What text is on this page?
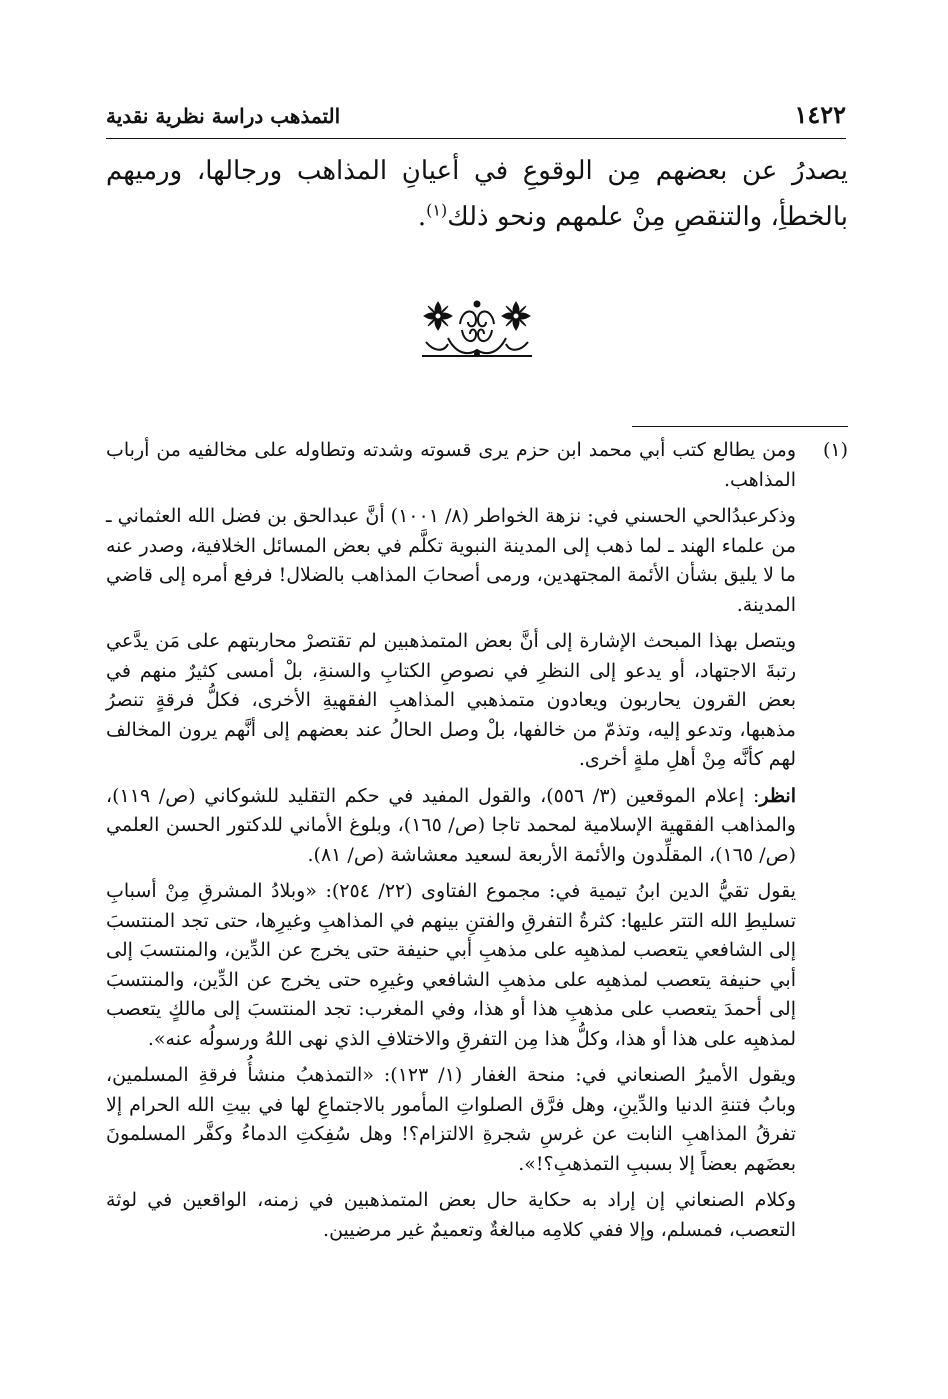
١٤٢٢
التمذهب دراسة نظرية نقدية
يصدرُ عن بعضهم مِن الوقوعِ في أعيانِ المذاهب ورجالها، ورميهم بالخطأِ، والتنقصِ مِنْ علمهم ونحو ذلك$^{(١)}$.
(١)

ومن يطالع كتب أبي محمد ابن حزم يرى قسوته وشدته وتطاوله على مخالفيه من أرباب المذاهب.

وذكرعبدُالحي الحسني في: نزهة الخواطر (٨/ ١٠٠١) أنَّ عبدالحق بن فضل الله العثماني ـ من علماء الهند ـ لما ذهب إلى المدينة النبوية تكلَّم في بعض المسائل الخلافية، وصدر عنه ما لا يليق بشأن الأئمة المجتهدين، ورمى أصحابَ المذاهب بالضلال! فرفع أمره إلى قاضي المدينة.

ويتصل بهذا المبحث الإشارة إلى أنَّ بعض المتمذهبين لم تقتصرْ محاربتهم على مَن يدَّعي رتبةَ الاجتهاد، أو يدعو إلى النظرِ في نصوصِ الكتابِ والسنةِ، بلْ أمسى كثيرٌ منهم في بعض القرون يحاربون ويعادون متمذهبي المذاهبِ الفقهيةِ الأخرى، فكلُّ فرقةٍ تنصرُ مذهبها، وتدعو إليه، وتذمّ من خالفها، بلْ وصل الحالُ عند بعضهم إلى أنَّهم يرون المخالف لهم كأنَّه مِنْ أهلِ ملةٍ أخرى.

انظر: إعلام الموقعين (٣/ ٥٥٦)، والقول المفيد في حكم التقليد للشوكاني (ص/ ١١٩)، والمذاهب الفقهية الإسلامية لمحمد تاجا (ص/ ١٦٥)، وبلوغ الأماني للدكتور الحسن العلمي (ص/ ١٦٥)، المقلِّدون والأئمة الأربعة لسعيد معشاشة (ص/ ٨١).

يقول تقيُّ الدين ابنُ تيمية في: مجموع الفتاوى (٢٢/ ٢٥٤): «وبلادُ المشرقِ مِنْ أسبابِ تسليطِ الله التتر عليها: كثرةُ التفرقِ والفتنِ بينهم في المذاهبِ وغيرِها، حتى تجد المنتسبَ إلى الشافعي يتعصب لمذهبِه على مذهبِ أبي حنيفة حتى يخرج عن الدِّين، والمنتسبَ إلى أبي حنيفة يتعصب لمذهبِه على مذهبِ الشافعي وغيرِه حتى يخرج عن الدِّين، والمنتسبَ إلى أحمدَ يتعصب على مذهبِ هذا أو هذا، وفي المغرب: تجد المنتسبَ إلى مالكٍ يتعصب لمذهبِه على هذا أو هذا، وكلُّ هذا مِن التفرقِ والاختلافِ الذي نهى اللهُ ورسولُه عنه».

ويقول الأميرُ الصنعاني في: منحة الغفار (١/ ١٢٣): «التمذهبُ منشأُ فرقةِ المسلمين، وبابُ فتنةِ الدنيا والدِّينِ، وهل فرَّق الصلواتِ المأمور بالاجتماعِ لها في بيتِ الله الحرام إلا تفرقُ المذاهبِ النابت عن غرسِ شجرةِ الالتزام؟! وهل سُفِكتِ الدماءُ وكفَّر المسلمونَ بعضَهم بعضاً إلا بسببِ التمذهبِ؟!».

وكلام الصنعاني إن إراد به حكاية حال بعض المتمذهبين في زمنه، الواقعين في لوثة التعصب، فمسلم، وإلا ففي كلامِه مبالغةٌ وتعميمٌ غير مرضيين.
